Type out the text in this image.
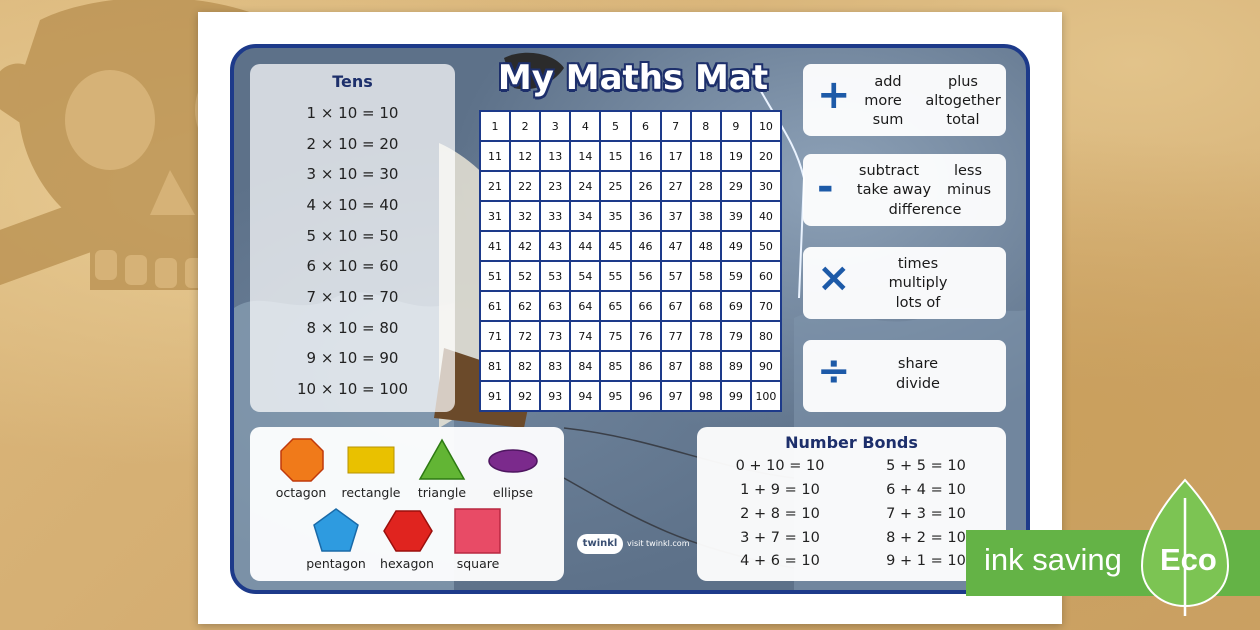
Tens
1 × 10 = 10
2 × 10 = 20
3 × 10 = 30
4 × 10 = 40
5 × 10 = 50
6 × 10 = 60
7 × 10 = 70
8 × 10 = 80
9 × 10 = 90
10 × 10 = 100
My Maths Mat
1	2	3	4	5	6	7	8	9	10
11	12	13	14	15	16	17	18	19	20
21	22	23	24	25	26	27	28	29	30
31	32	33	34	35	36	37	38	39	40
41	42	43	44	45	46	47	48	49	50
51	52	53	54	55	56	57	58	59	60
61	62	63	64	65	66	67	68	69	70
71	72	73	74	75	76	77	78	79	80
81	82	83	84	85	86	87	88	89	90
91	92	93	94	95	96	97	98	99	100
+	add	plus
more	altogether
sum	total
-	subtract	less
take away	minus
difference
×	times
multiply
lots of
÷	share
divide
octagon	rectangle	triangle	ellipse
pentagon	hexagon	square
twinkl	visit twinkl.com
Number Bonds
0 + 10 = 10
1 + 9 = 10
2 + 8 = 10
3 + 7 = 10
4 + 6 = 10
5 + 5 = 10
6 + 4 = 10
7 + 3 = 10
8 + 2 = 10
9 + 1 = 10 ink saving Eco
